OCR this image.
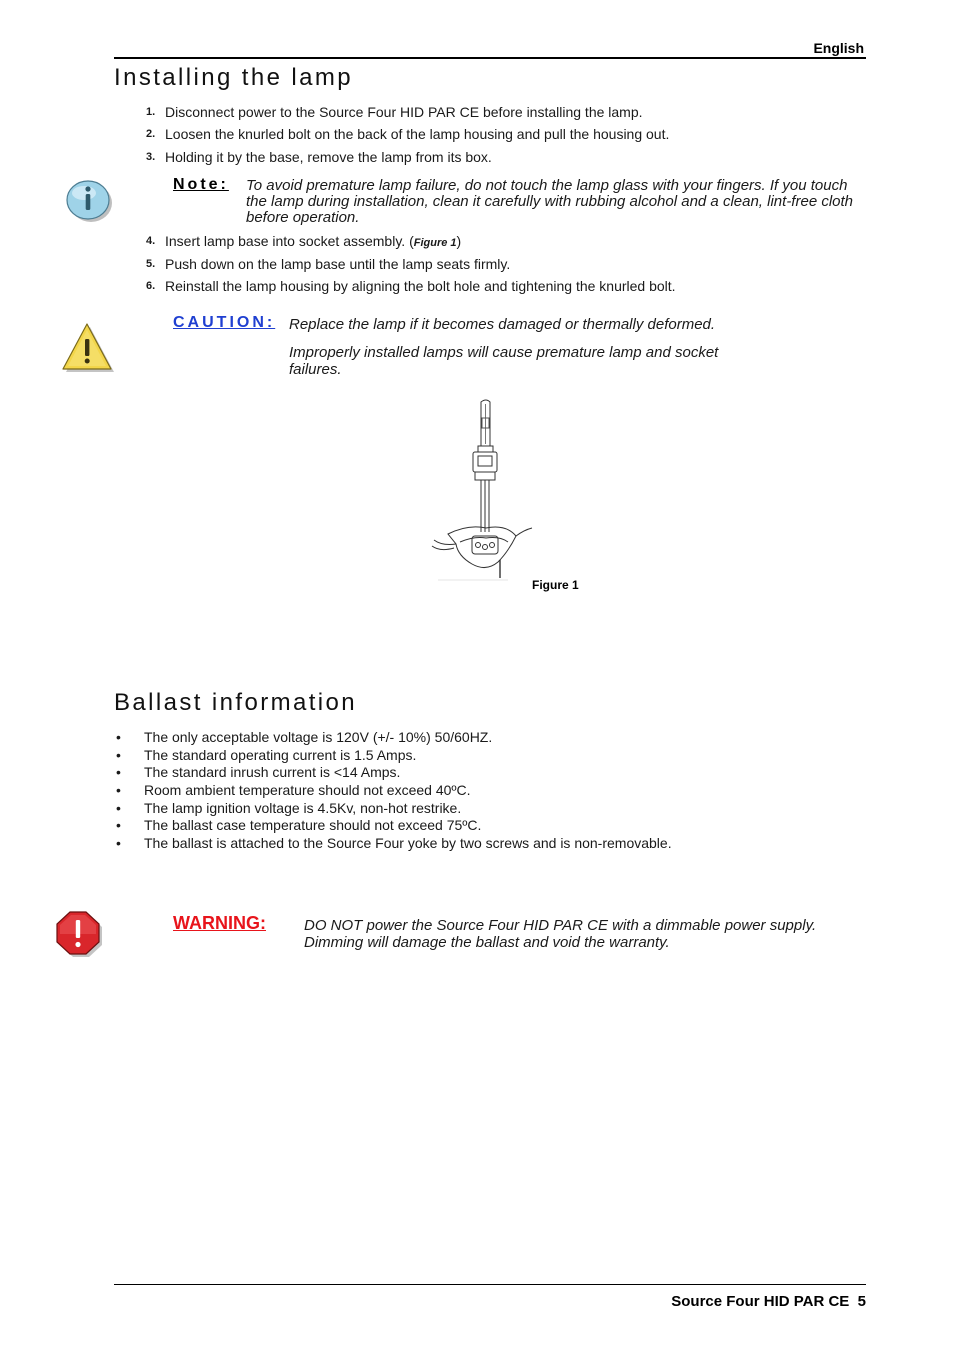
English
Installing the lamp
1. Disconnect power to the Source Four HID PAR CE before installing the lamp.
2. Loosen the knurled bolt on the back of the lamp housing and pull the housing out.
3. Holding it by the base, remove the lamp from its box.
Note: To avoid premature lamp failure, do not touch the lamp glass with your fingers. If you touch the lamp during installation, clean it carefully with rubbing alcohol and a clean, lint-free cloth before operation.
4. Insert lamp base into socket assembly. (Figure 1)
5. Push down on the lamp base until the lamp seats firmly.
6. Reinstall the lamp housing by aligning the bolt hole and tightening the knurled bolt.
CAUTION: Replace the lamp if it becomes damaged or thermally deformed.
Improperly installed lamps will cause premature lamp and socket failures.
Figure 1
Ballast information
• The only acceptable voltage is 120V (+/- 10%) 50/60HZ.
• The standard operating current is 1.5 Amps.
• The standard inrush current is <14 Amps.
• Room ambient temperature should not exceed 40ºC.
• The lamp ignition voltage is 4.5Kv, non-hot restrike.
• The ballast case temperature should not exceed 75ºC.
• The ballast is attached to the Source Four yoke by two screws and is non-removable.
WARNING:	DO NOT power the Source Four HID PAR CE with a dimmable power supply. Dimming will damage the ballast and void the warranty.
Source Four HID PAR CE  5
